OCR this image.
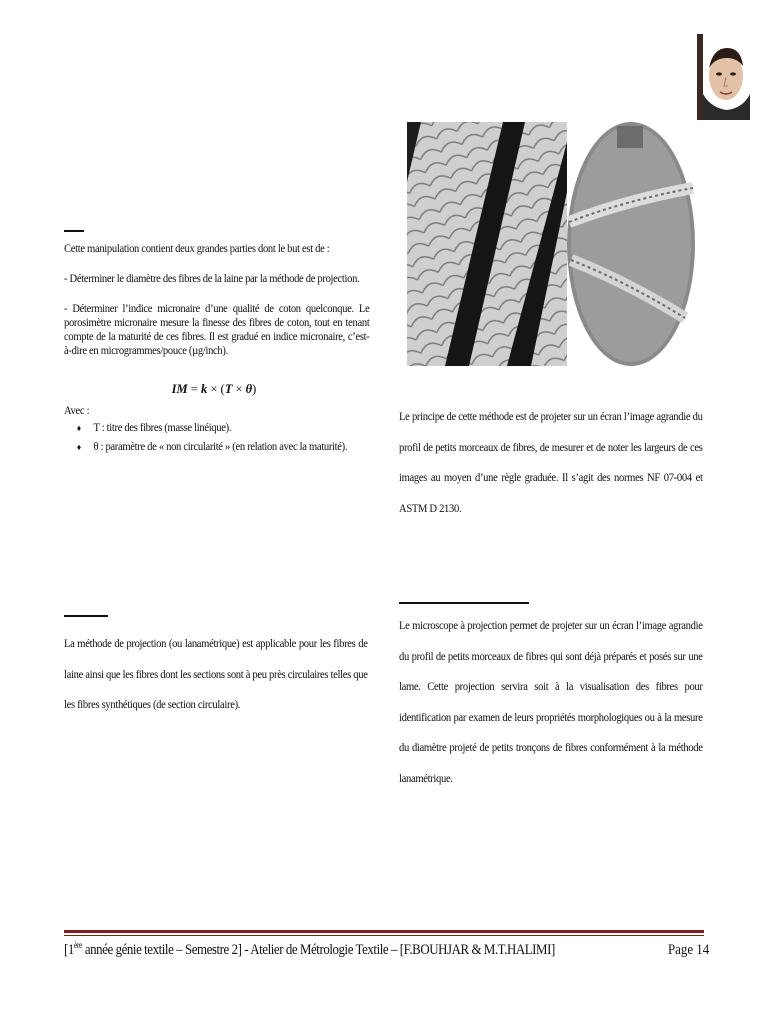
Cette manipulation contient deux grandes parties dont le but est de :
- Déterminer le diamètre des fibres de la laine par la méthode de projection.
- Déterminer l’indice micronaire d’une qualité de coton quelconque. Le porosimètre micronaire mesure la finesse des fibres de coton, tout en tenant compte de la maturité de ces fibres. Il est gradué en indice micronaire, c’est-à-dire en microgrammes/pouce (µg/inch).
IM = k × (T × θ)
Avec :
♦ T : titre des fibres (masse linéique).
♦ θ : paramètre de « non circularité » (en relation avec la maturité).
La méthode de projection (ou lanamétrique) est applicable pour les fibres de laine ainsi que les fibres dont les sections sont à peu près circulaires telles que les fibres synthétiques (de section circulaire).

Le principe de cette méthode est de projeter sur un écran l’image agrandie du profil de petits morceaux de fibres, de mesurer et de noter les largeurs de ces images au moyen d’une règle graduée. Il s’agit des normes NF 07-004 et ASTM D 2130.

Le microscope à projection permet de projeter sur un écran l’image agrandie du profil de petits morceaux de fibres qui sont déjà préparés et posés sur une lame. Cette projection servira soit à la visualisation des fibres pour identification par examen de leurs propriétés morphologiques ou à la mesure du diamètre projeté de petits tronçons de fibres conformément à la méthode lanamétrique.

[1ère année génie textile – Semestre 2] - Atelier de Métrologie Textile – [F.BOUHJAR & M.T.HALIMI]	Page 14
